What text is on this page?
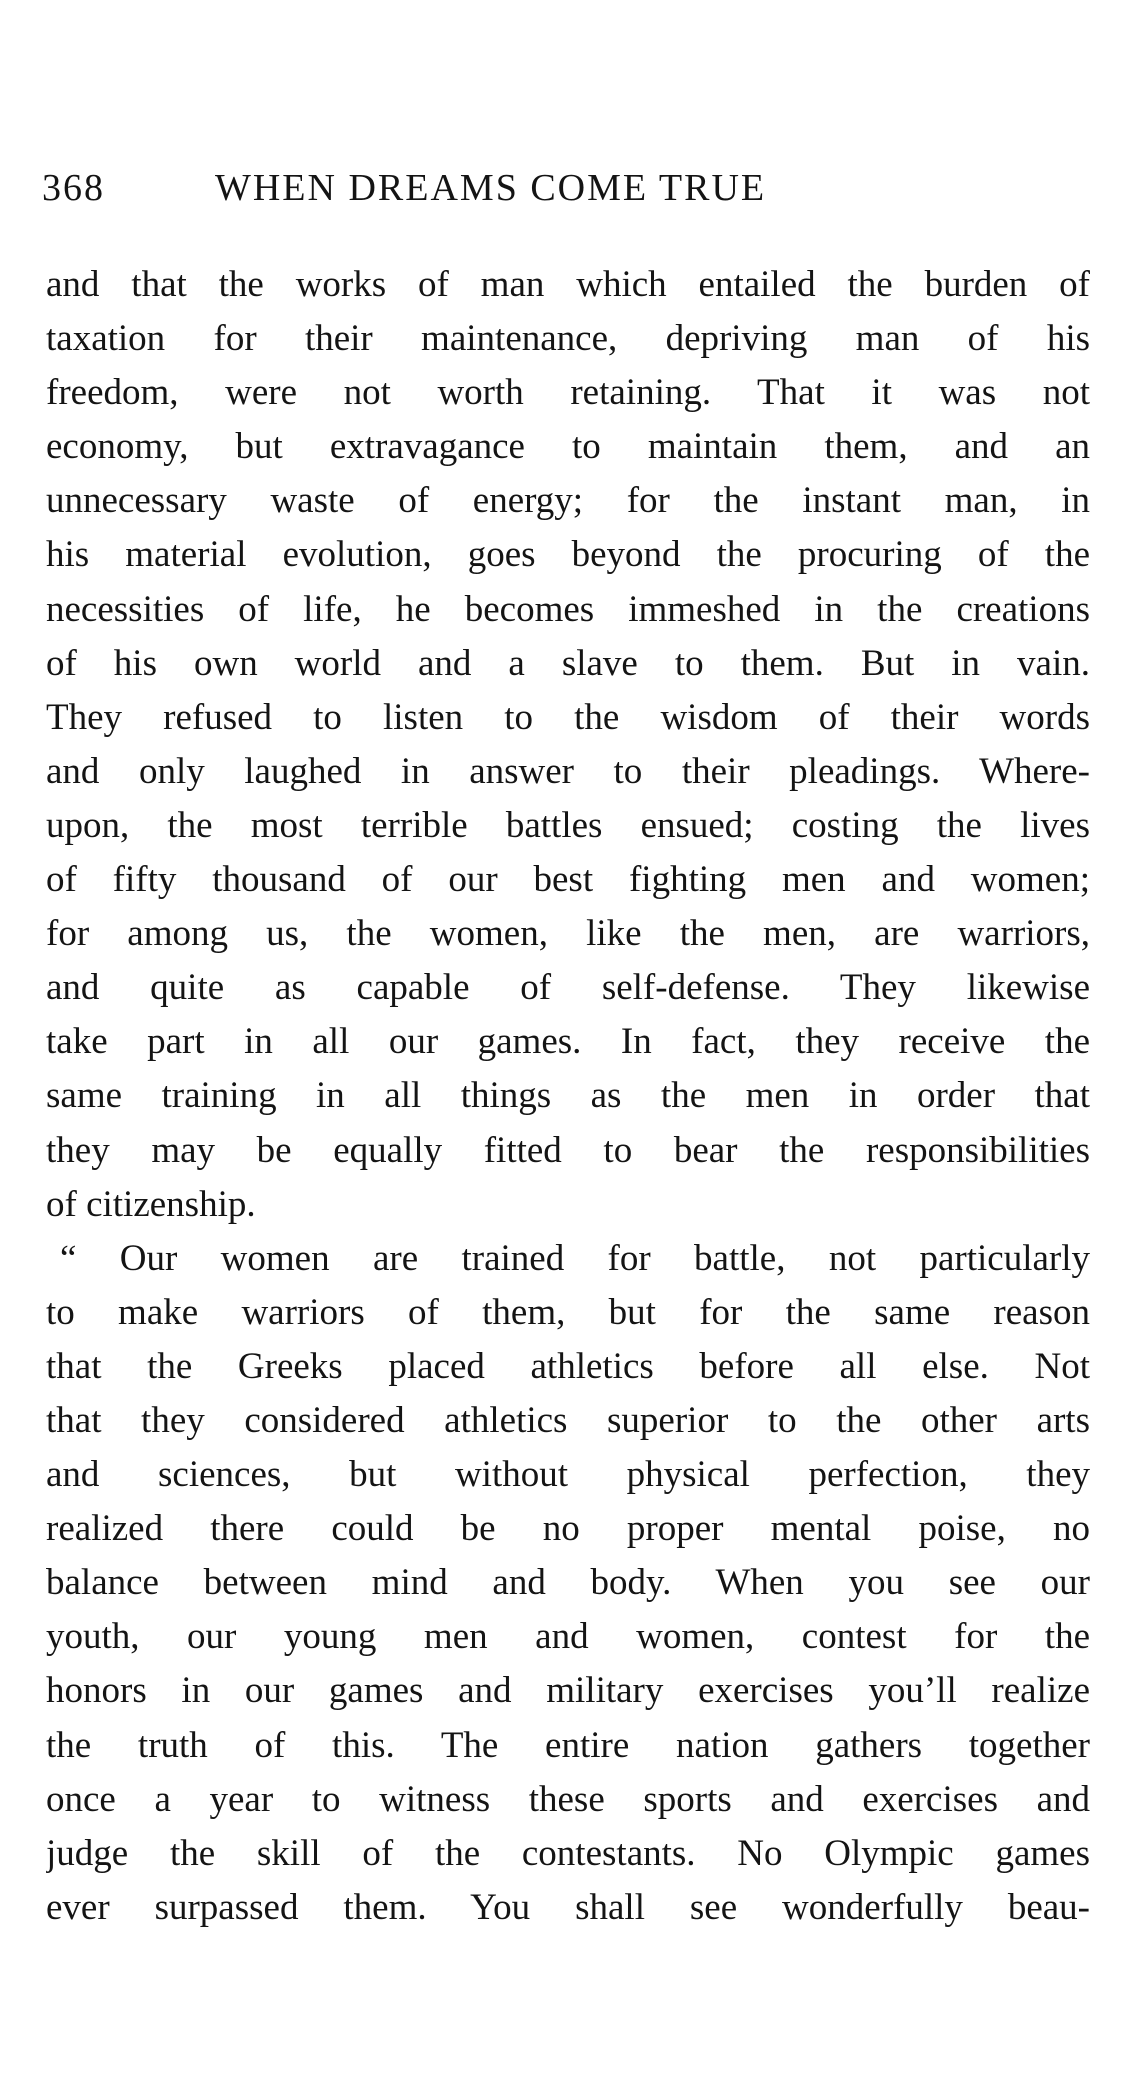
368	WHEN DREAMS COME TRUE
and that the works of man which entailed the burden of
taxation for their maintenance, depriving man of his
freedom, were not worth retaining. That it was not
economy, but extravagance to maintain them, and an
unnecessary waste of energy; for the instant man, in
his material evolution, goes beyond the procuring of the
necessities of life, he becomes immeshed in the creations
of his own world and a slave to them. But in vain.
They refused to listen to the wisdom of their words
and only laughed in answer to their pleadings. Where-
upon, the most terrible battles ensued; costing the lives
of fifty thousand of our best fighting men and women;
for among us, the women, like the men, are warriors,
and quite as capable of self-defense. They likewise
take part in all our games. In fact, they receive the
same training in all things as the men in order that
they may be equally fitted to bear the responsibilities
of citizenship.
“ Our women are trained for battle, not particularly
to make warriors of them, but for the same reason
that the Greeks placed athletics before all else. Not
that they considered athletics superior to the other arts
and sciences, but without physical perfection, they
realized there could be no proper mental poise, no
balance between mind and body. When you see our
youth, our young men and women, contest for the
honors in our games and military exercises you’ll realize
the truth of this. The entire nation gathers together
once a year to witness these sports and exercises and
judge the skill of the contestants. No Olympic games
ever surpassed them. You shall see wonderfully beau-
